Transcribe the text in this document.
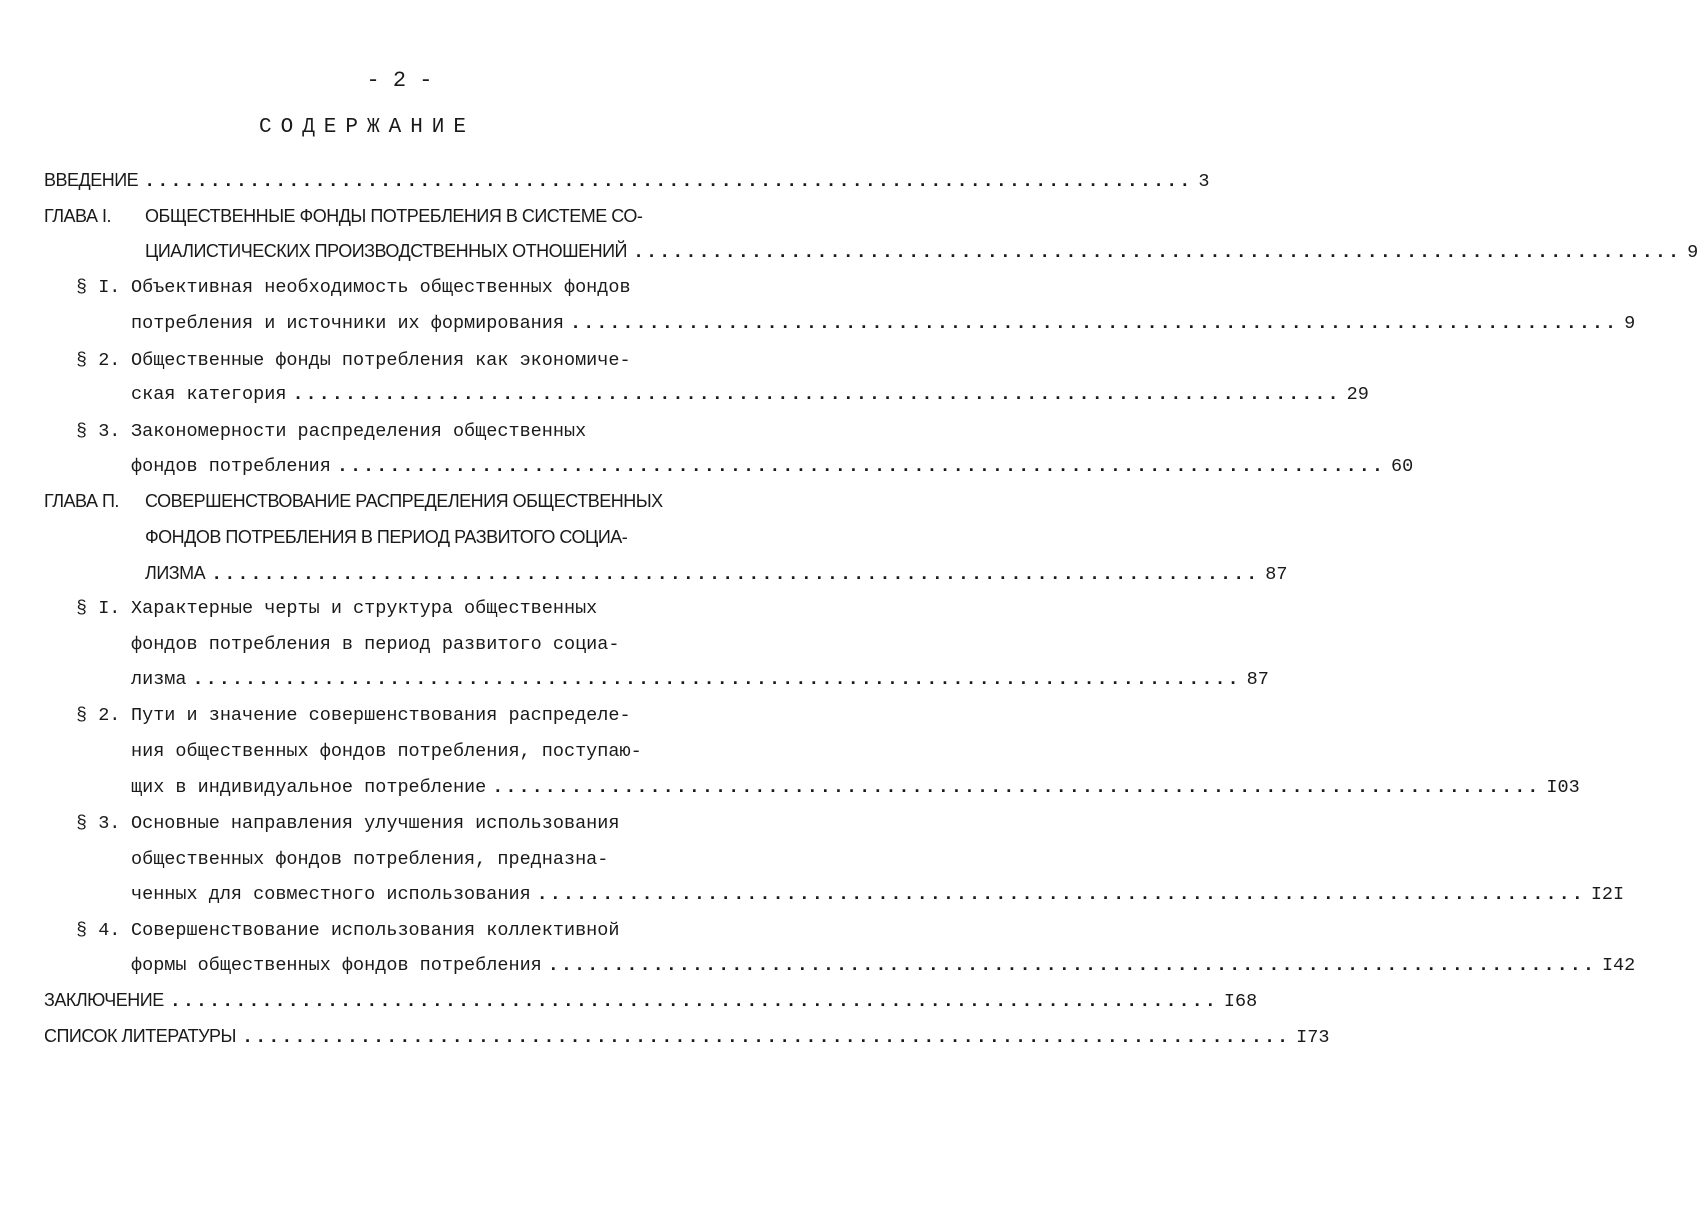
- 2 -
СОДЕРЖАНИЕ
ВВЕДЕНИЕ ................................................................................ 3
ГЛАВА I. ОБЩЕСТВЕННЫЕ ФОНДЫ ПОТРЕБЛЕНИЯ В СИСТЕМЕ СО-
ЦИАЛИСТИЧЕСКИХ ПРОИЗВОДСТВЕННЫХ ОТНОШЕНИЙ ................................................................................ 9
§ I. Объективная необходимость общественных фондов
потребления и источники их формирования ................................................................................ 9
§ 2. Общественные фонды потребления как экономиче-
ская категория ................................................................................ 29
§ 3. Закономерности распределения общественных
фондов потребления ................................................................................ 60
ГЛАВА П. СОВЕРШЕНСТВОВАНИЕ РАСПРЕДЕЛЕНИЯ ОБЩЕСТВЕННЫХ
ФОНДОВ ПОТРЕБЛЕНИЯ В ПЕРИОД РАЗВИТОГО СОЦИА-
ЛИЗМА ................................................................................ 87
§ I. Характерные черты и структура общественных
фондов потребления в период развитого социа-
лизма ................................................................................ 87
§ 2. Пути и значение совершенствования распределе-
ния общественных фондов потребления, поступаю-
щих в индивидуальное потребление ................................................................................ I03
§ 3. Основные направления улучшения использования
общественных фондов потребления, предназна-
ченных для совместного использования ................................................................................ I2I
§ 4. Совершенствование использования коллективной
формы общественных фондов потребления ................................................................................ I42
ЗАКЛЮЧЕНИЕ ................................................................................ I68
СПИСОК ЛИТЕРАТУРЫ ................................................................................ I73
